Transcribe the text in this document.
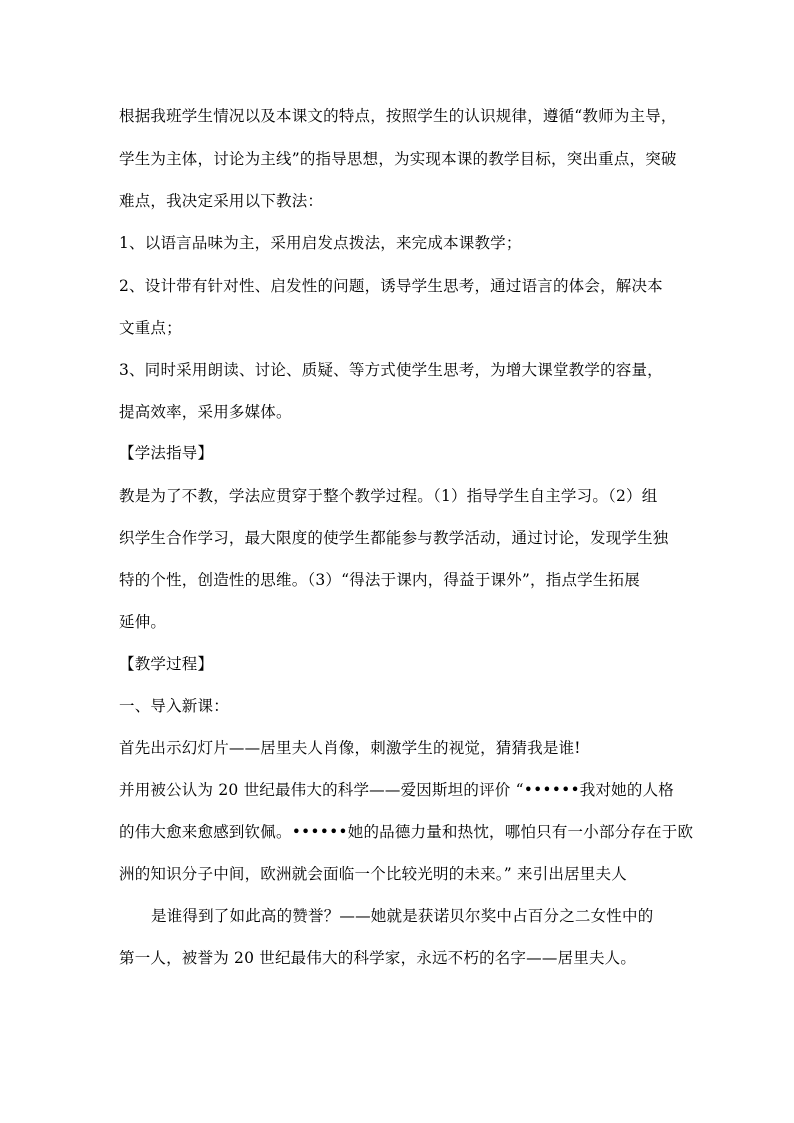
根据我班学生情况以及本课文的特点，按照学生的认识规律，遵循“教师为主导，
学生为主体，讨论为主线”的指导思想，为实现本课的教学目标，突出重点，突破
难点，我决定采用以下教法：
1、以语言品味为主，采用启发点拨法，来完成本课教学；
2、设计带有针对性、启发性的问题，诱导学生思考，通过语言的体会，解决本
文重点；
3、同时采用朗读、讨论、质疑、等方式使学生思考，为增大课堂教学的容量，
提高效率，采用多媒体。
【学法指导】
教是为了不教，学法应贯穿于整个教学过程。（1）指导学生自主学习。（2）组
织学生合作学习，最大限度的使学生都能参与教学活动，通过讨论，发现学生独
特的个性，创造性的思维。（3）“得法于课内，得益于课外”，指点学生拓展
延伸。
【教学过程】
一、导入新课：
首先出示幻灯片——居里夫人肖像，刺激学生的视觉，猜猜我是谁!
并用被公认为 20 世纪最伟大的科学——爱因斯坦的评价 “••••••我对她的人格
的伟大愈来愈感到钦佩。••••••她的品德力量和热忱，哪怕只有一小部分存在于欧
洲的知识分子中间，欧洲就会面临一个比较光明的未来。” 来引出居里夫人
是谁得到了如此高的赞誉？——她就是获诺贝尔奖中占百分之二女性中的
第一人，被誉为 20 世纪最伟大的科学家，永远不朽的名字——居里夫人。
